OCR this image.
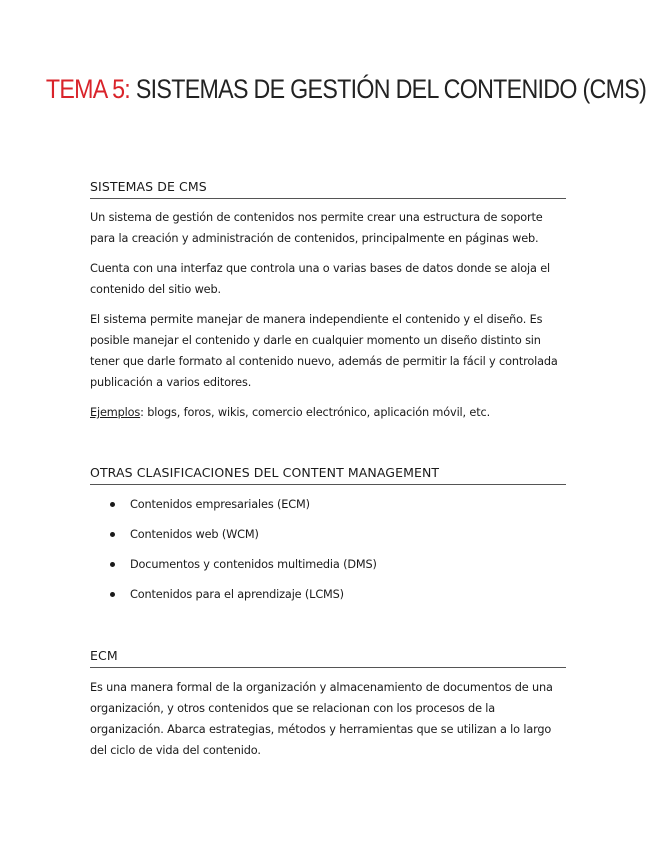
TEMA 5: SISTEMAS DE GESTIÓN DEL CONTENIDO (CMS)
SISTEMAS DE CMS

Un sistema de gestión de contenidos nos permite crear una estructura de soporte para la creación y administración de contenidos, principalmente en páginas web.

Cuenta con una interfaz que controla una o varias bases de datos donde se aloja el contenido del sitio web.

El sistema permite manejar de manera independiente el contenido y el diseño. Es posible manejar el contenido y darle en cualquier momento un diseño distinto sin tener que darle formato al contenido nuevo, además de permitir la fácil y controlada publicación a varios editores.

Ejemplos: blogs, foros, wikis, comercio electrónico, aplicación móvil, etc.

OTRAS CLASIFICACIONES DEL CONTENT MANAGEMENT
Contenidos empresariales (ECM)
Contenidos web (WCM)
Documentos y contenidos multimedia (DMS)
Contenidos para el aprendizaje (LCMS)
ECM

Es una manera formal de la organización y almacenamiento de documentos de una organización, y otros contenidos que se relacionan con los procesos de la organización. Abarca estrategias, métodos y herramientas que se utilizan a lo largo del ciclo de vida del contenido.
